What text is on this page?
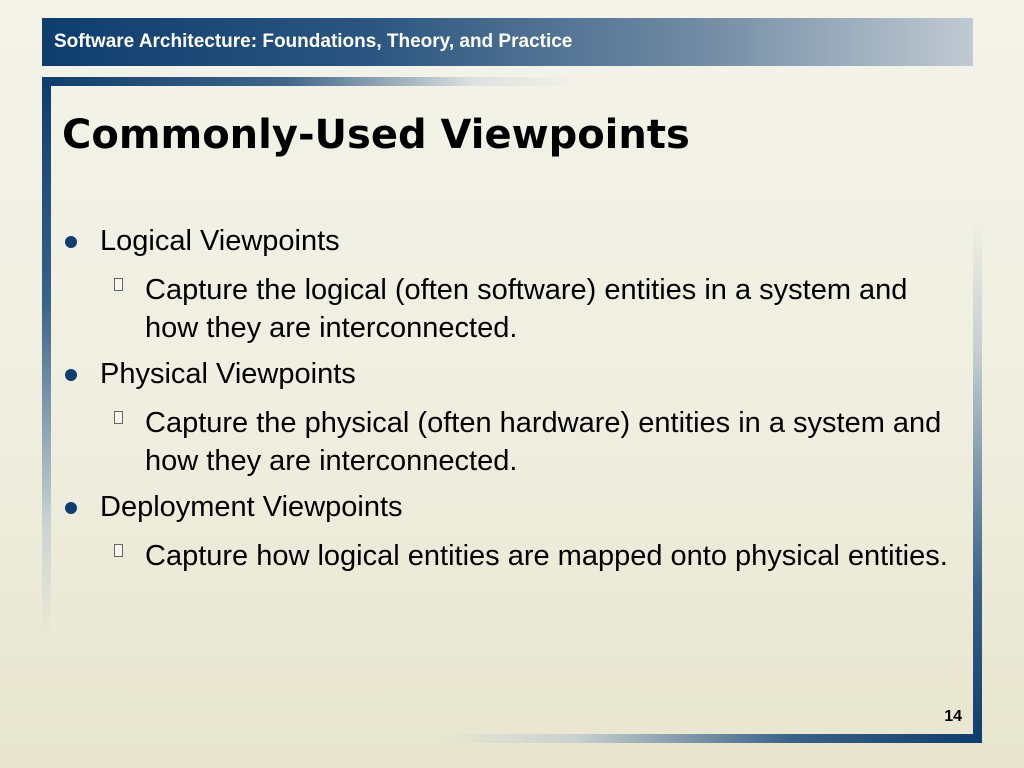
Software Architecture: Foundations, Theory, and Practice
Commonly-Used Viewpoints
Logical Viewpoints
Capture the logical (often software) entities in a system and how they are interconnected.
Physical Viewpoints
Capture the physical (often hardware) entities in a system and how they are interconnected.
Deployment Viewpoints
Capture how logical entities are mapped onto physical entities.
14
